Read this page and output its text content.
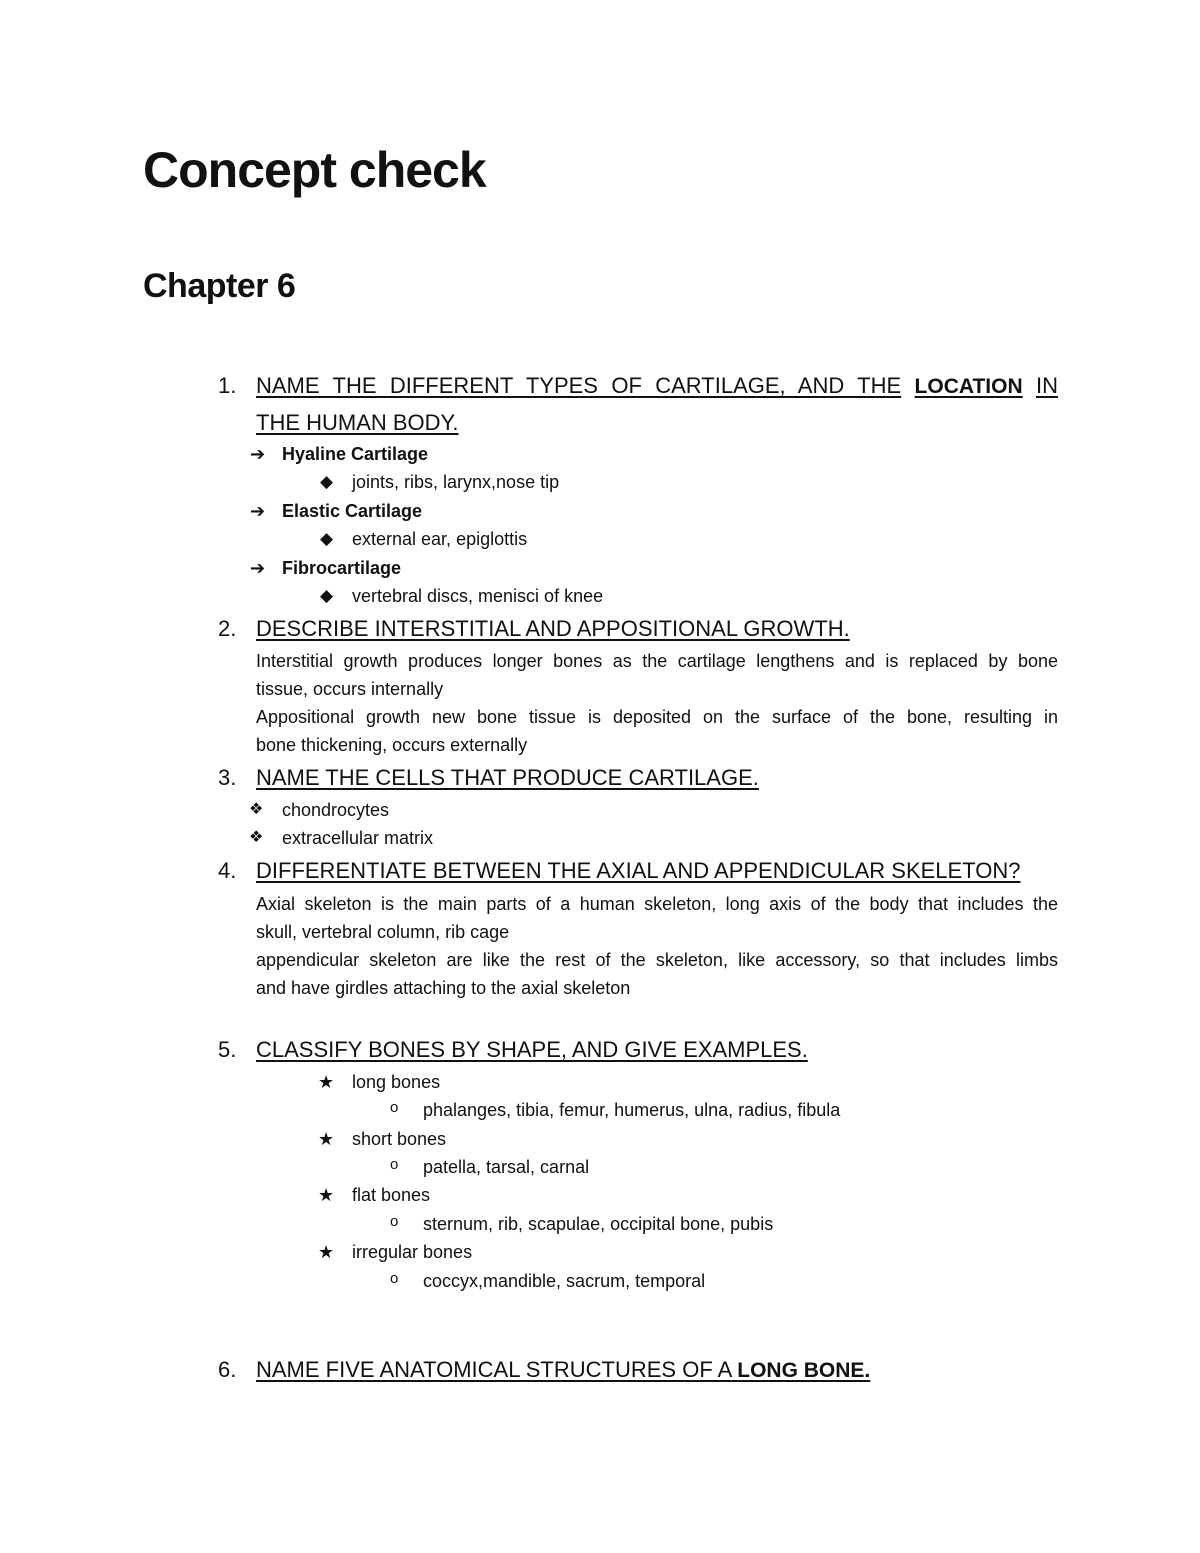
Concept check
Chapter 6
1. NAME THE DIFFERENT TYPES OF CARTILAGE, AND THE LOCATION IN
THE HUMAN BODY.
➔ Hyaline Cartilage
◆ joints, ribs, larynx,nose tip
➔ Elastic Cartilage
◆ external ear, epiglottis
➔ Fibrocartilage
◆ vertebral discs, menisci of knee
2. DESCRIBE INTERSTITIAL AND APPOSITIONAL GROWTH.
Interstitial growth produces longer bones as the cartilage lengthens and is replaced by bone
tissue, occurs internally
Appositional growth new bone tissue is deposited on the surface of the bone, resulting in
bone thickening, occurs externally
3. NAME THE CELLS THAT PRODUCE CARTILAGE.
❖ chondrocytes
❖ extracellular matrix
4. DIFFERENTIATE BETWEEN THE AXIAL AND APPENDICULAR SKELETON?
Axial skeleton is the main parts of a human skeleton, long axis of the body that includes the
skull, vertebral column, rib cage
appendicular skeleton are like the rest of the skeleton, like accessory, so that includes limbs
and have girdles attaching to the axial skeleton
5. CLASSIFY BONES BY SHAPE, AND GIVE EXAMPLES.
★ long bones
o phalanges, tibia, femur, humerus, ulna, radius, fibula
★ short bones
o patella, tarsal, carnal
★ flat bones
o sternum, rib, scapulae, occipital bone, pubis
★ irregular bones
o coccyx,mandible, sacrum, temporal
6. NAME FIVE ANATOMICAL STRUCTURES OF A LONG BONE.
